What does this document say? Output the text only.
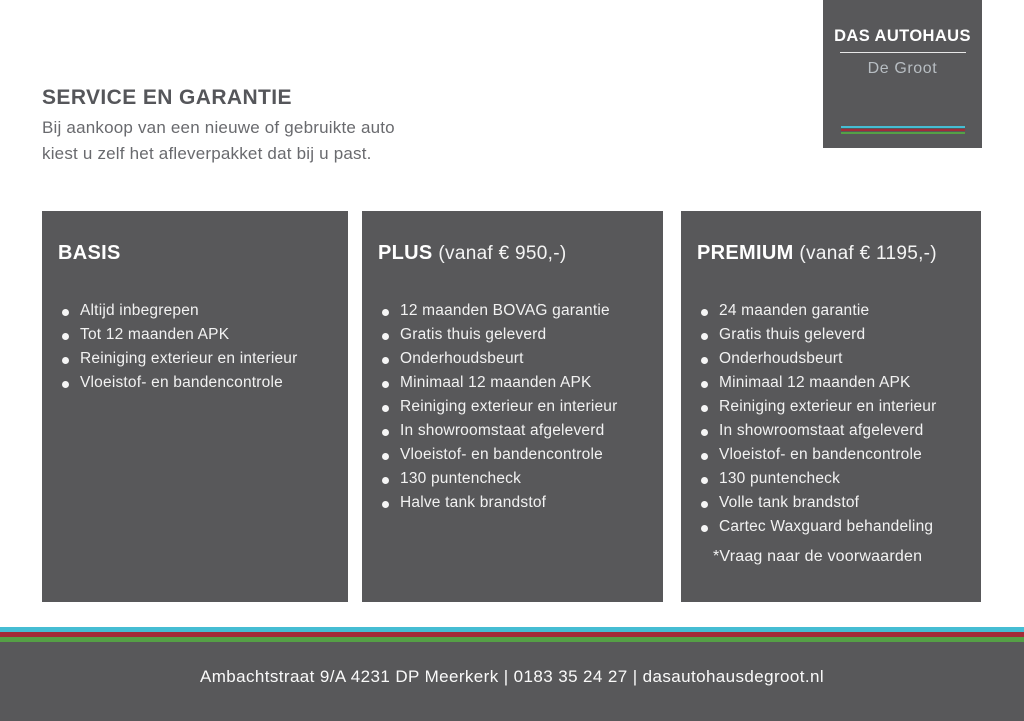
DAS AUTOHAUS
De Groot
SERVICE EN GARANTIE
Bij aankoop van een nieuwe of gebruikte auto
kiest u zelf het afleverpakket dat bij u past.
BASIS
Altijd inbegrepen
Tot 12 maanden APK
Reiniging exterieur en interieur
Vloeistof- en bandencontrole
PLUS (vanaf € 950,-)
12 maanden BOVAG garantie
Gratis thuis geleverd
Onderhoudsbeurt
Minimaal 12 maanden APK
Reiniging exterieur en interieur
In showroomstaat afgeleverd
Vloeistof- en bandencontrole
130 puntencheck
Halve tank brandstof
PREMIUM (vanaf € 1195,-)
24 maanden garantie
Gratis thuis geleverd
Onderhoudsbeurt
Minimaal 12 maanden APK
Reiniging exterieur en interieur
In showroomstaat afgeleverd
Vloeistof- en bandencontrole
130 puntencheck
Volle tank brandstof
Cartec Waxguard behandeling
*Vraag naar de voorwaarden
Ambachtstraat 9/A 4231 DP Meerkerk | 0183 35 24 27 | dasautohausdegroot.nl
